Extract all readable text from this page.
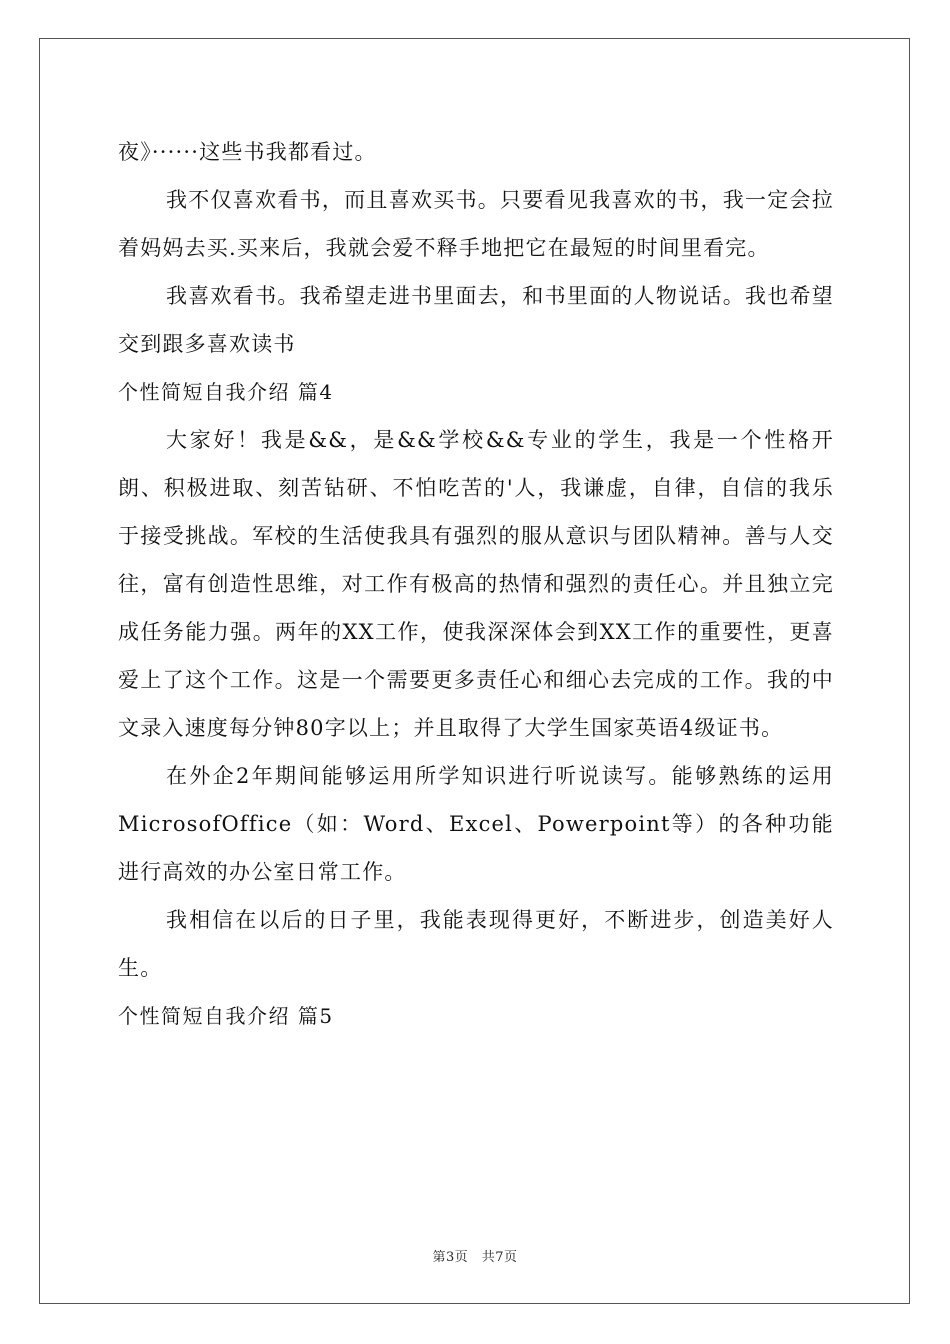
夜》······这些书我都看过。

我不仅喜欢看书，而且喜欢买书。只要看见我喜欢的书，我一定会拉着妈妈去买.买来后，我就会爱不释手地把它在最短的时间里看完。

我喜欢看书。我希望走进书里面去，和书里面的人物说话。我也希望交到跟多喜欢读书

个性简短自我介绍 篇4

大家好！我是&&，是&&学校&&专业的学生，我是一个性格开朗、积极进取、刻苦钻研、不怕吃苦的'人，我谦虚，自律，自信的我乐于接受挑战。军校的生活使我具有强烈的服从意识与团队精神。善与人交往，富有创造性思维，对工作有极高的热情和强烈的责任心。并且独立完成任务能力强。两年的XX工作，使我深深体会到XX工作的重要性，更喜爱上了这个工作。这是一个需要更多责任心和细心去完成的工作。我的中文录入速度每分钟80字以上；并且取得了大学生国家英语4级证书。

在外企2年期间能够运用所学知识进行听说读写。能够熟练的运用MicrosofOffice（如：Word、Excel、Powerpoint等）的各种功能进行高效的办公室日常工作。

我相信在以后的日子里，我能表现得更好，不断进步，创造美好人生。

个性简短自我介绍 篇5

第3页　共7页
